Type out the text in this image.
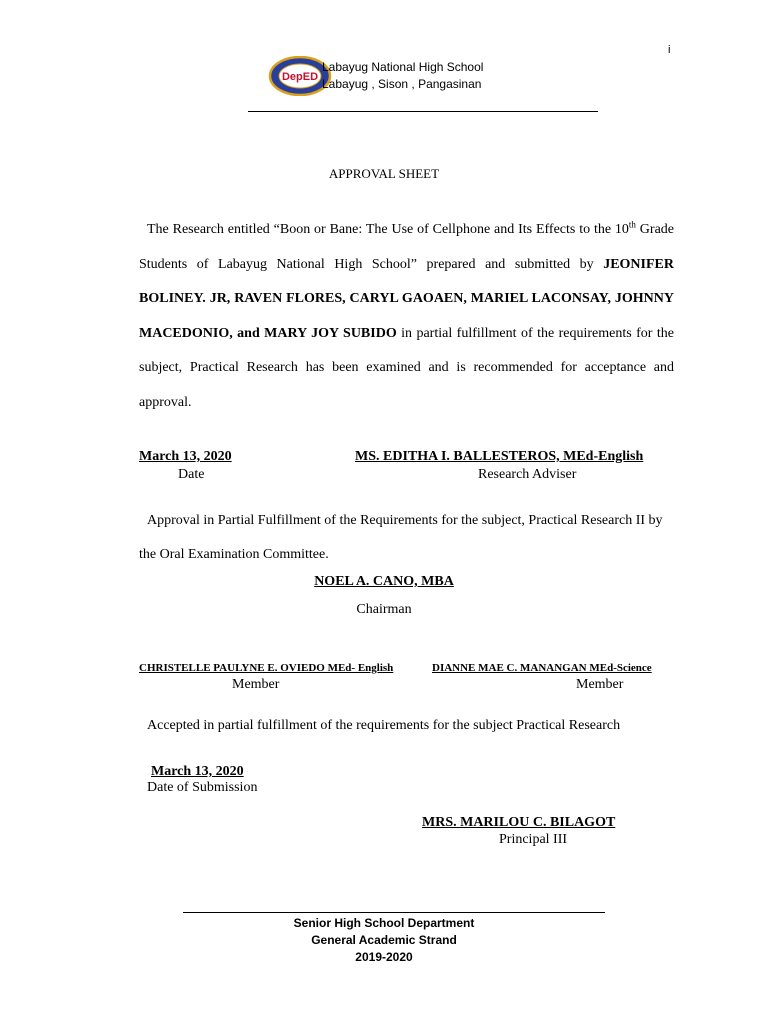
i
DepED
Labayug National High School
Labayug , Sison , Pangasinan
APPROVAL SHEET
The Research entitled “Boon or Bane: The Use of Cellphone and Its Effects to the 10th Grade Students of Labayug National High School” prepared and submitted by JEONIFER BOLINEY. JR, RAVEN FLORES, CARYL GAOAEN, MARIEL LACONSAY, JOHNNY MACEDONIO, and MARY JOY SUBIDO in partial fulfillment of the requirements for the subject, Practical Research has been examined and is recommended for acceptance and approval.
March 13, 2020
Date
MS. EDITHA I. BALLESTEROS, MEd-English
Research Adviser
Approval in Partial Fulfillment of the Requirements for the subject, Practical Research II by the Oral Examination Committee.
NOEL A. CANO, MBA
Chairman
CHRISTELLE PAULYNE E. OVIEDO MEd- English
Member
DIANNE MAE C. MANANGAN MEd-Science
Member
Accepted in partial fulfillment of the requirements for the subject Practical Research
March 13, 2020
Date of Submission
MRS. MARILOU C. BILAGOT
Principal III
Senior High School Department
General Academic Strand
2019-2020
